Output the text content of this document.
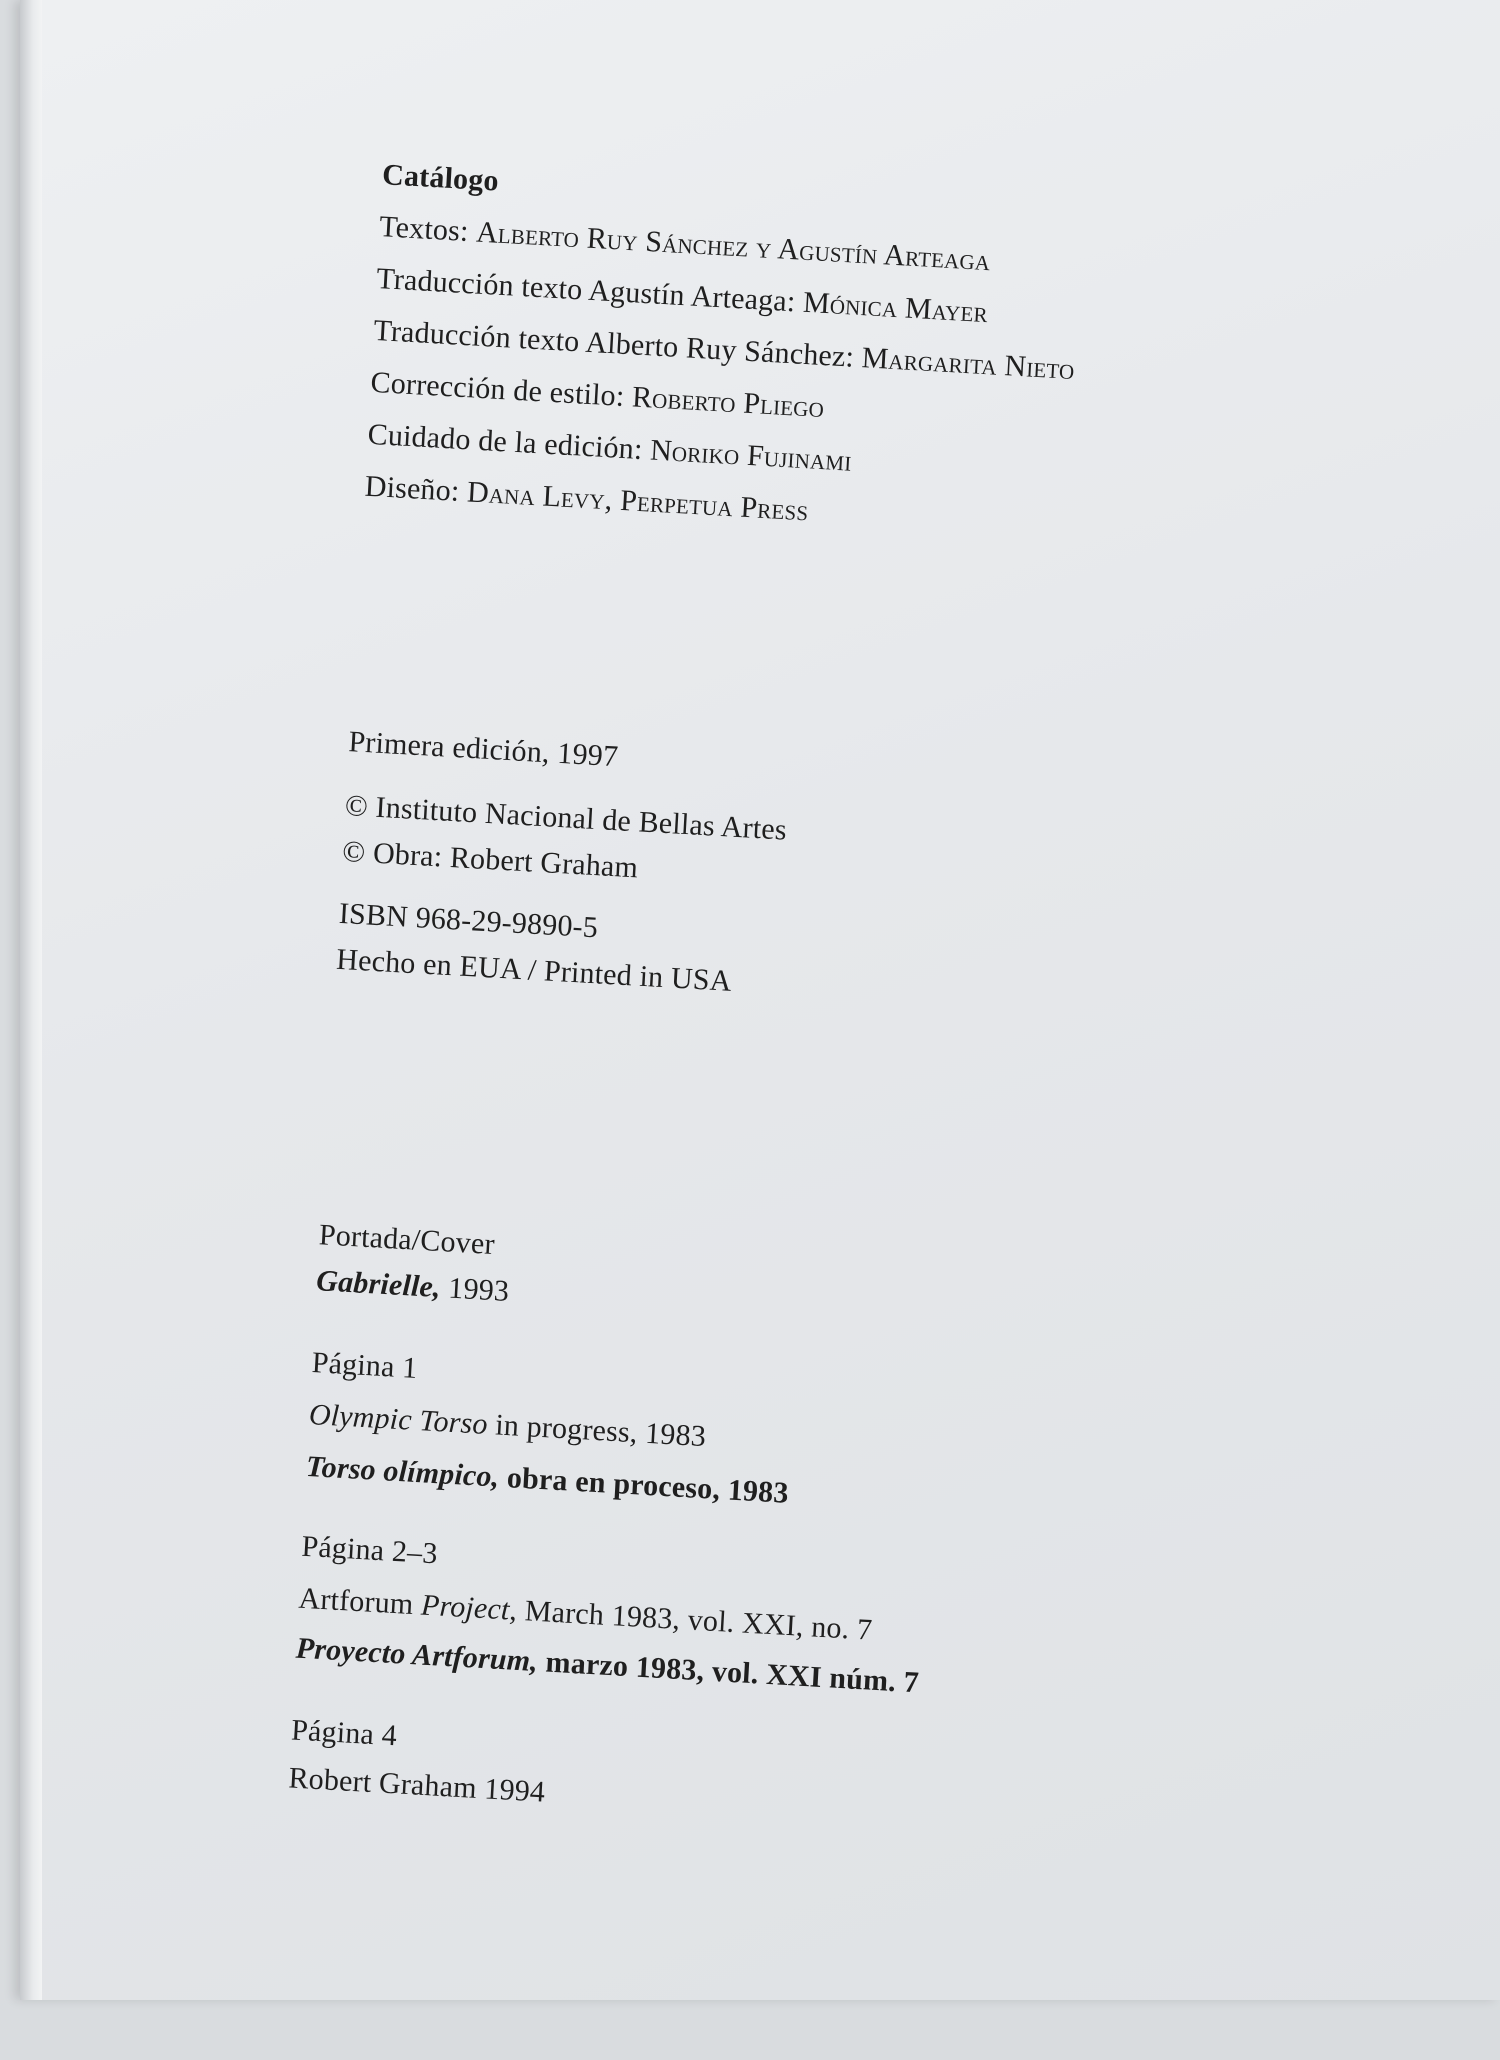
Catálogo
Textos: Alberto Ruy Sánchez y Agustín Arteaga
Traducción texto Agustín Arteaga: Mónica Mayer
Traducción texto Alberto Ruy Sánchez: Margarita Nieto
Corrección de estilo: Roberto Pliego
Cuidado de la edición: Noriko Fujinami
Diseño: Dana Levy, Perpetua Press
Primera edición, 1997
© Instituto Nacional de Bellas Artes
© Obra: Robert Graham
ISBN 968-29-9890-5
Hecho en EUA / Printed in USA
Portada/Cover
Gabrielle, 1993
Página 1
Olympic Torso in progress, 1983
Torso olímpico, obra en proceso, 1983
Página 2–3
Artforum Project, March 1983, vol. XXI, no. 7
Proyecto Artforum, marzo 1983, vol. XXI núm. 7
Página 4
Robert Graham 1994
